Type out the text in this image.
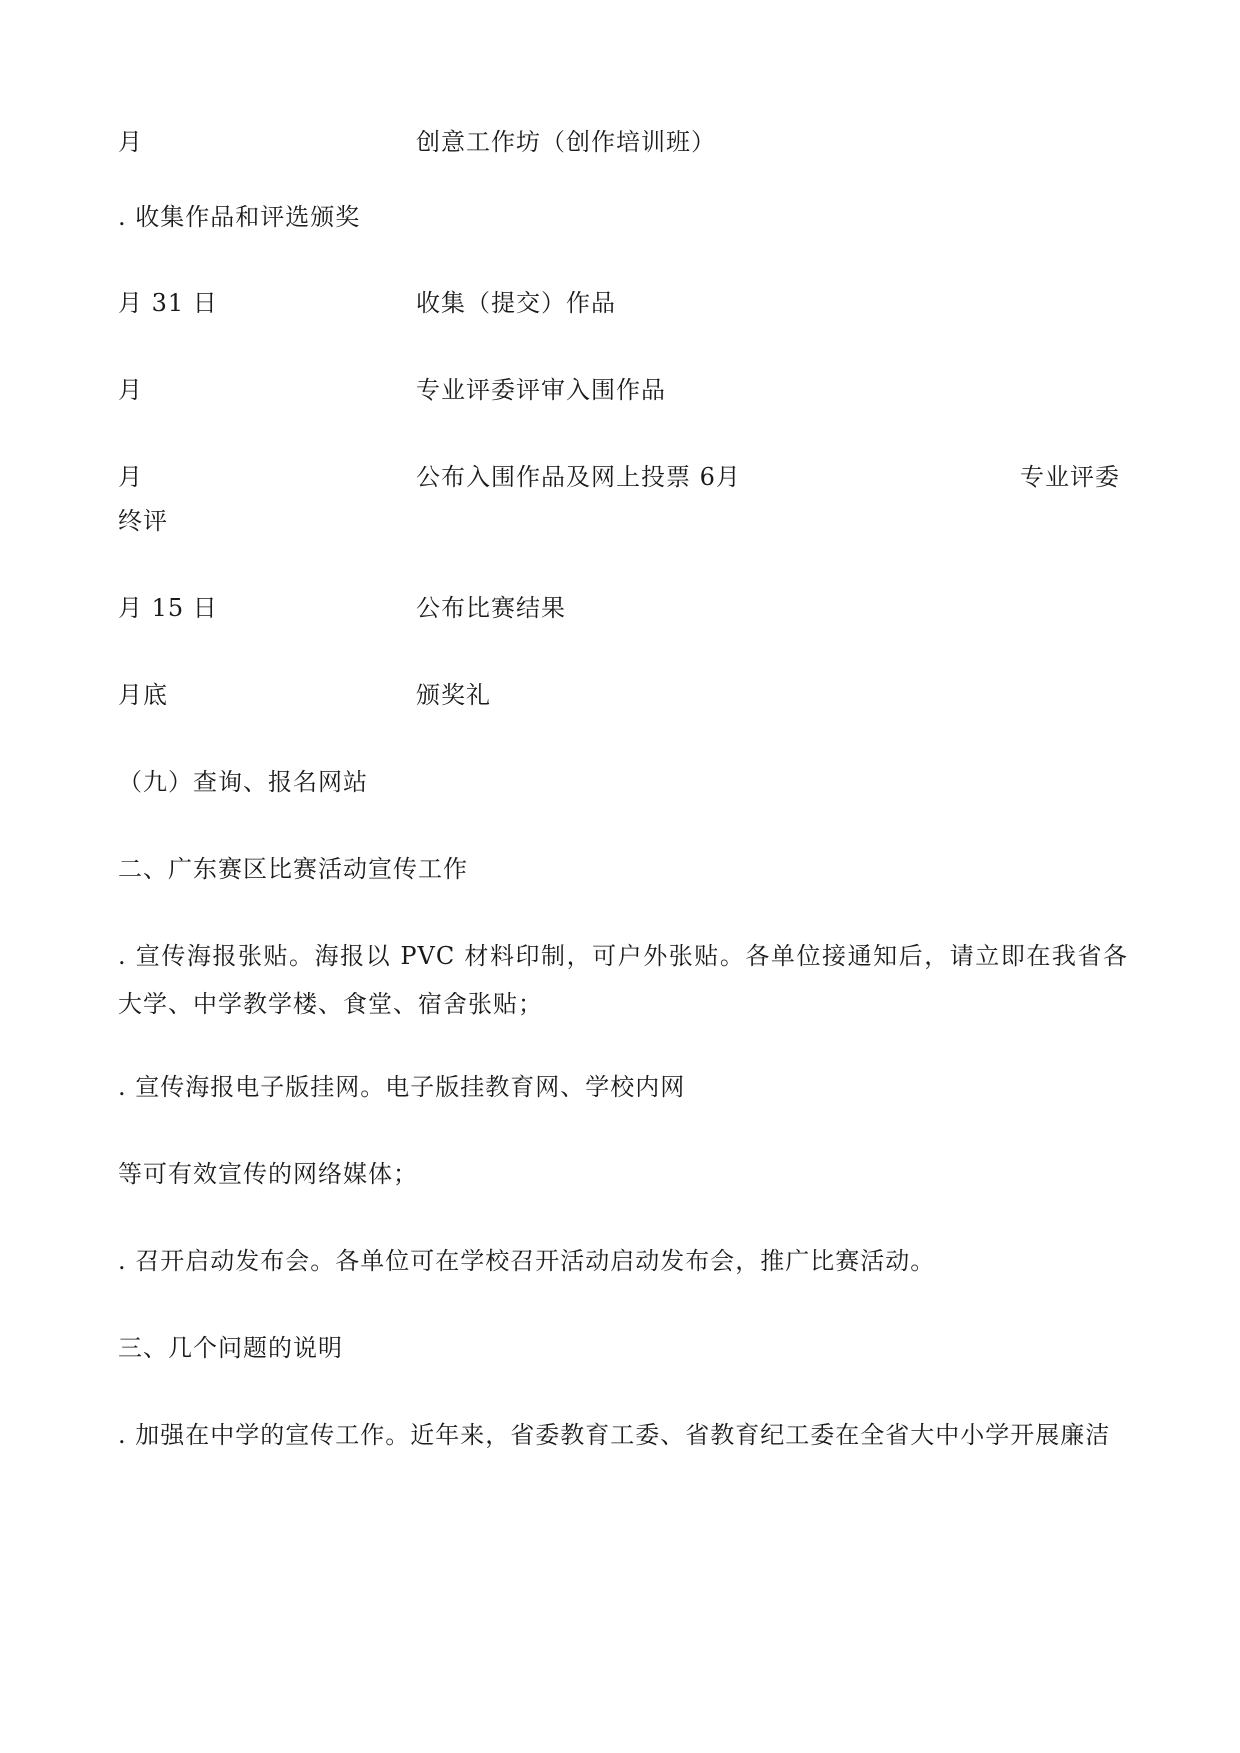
月	创意工作坊（创作培训班）
. 收集作品和评选颁奖
月 31 日	收集（提交）作品
月	专业评委评审入围作品
月	公布入围作品及网上投票 6月	专业评委
终评
月 15 日	公布比赛结果
月底	颁奖礼
（九）查询、报名网站
二、广东赛区比赛活动宣传工作
. 宣传海报张贴。海报以 PVC 材料印制，可户外张贴。各单位接通知后，请立即在我省各大学、中学教学楼、食堂、宿舍张贴；
. 宣传海报电子版挂网。电子版挂教育网、学校内网
等可有效宣传的网络媒体；
. 召开启动发布会。各单位可在学校召开活动启动发布会，推广比赛活动。
三、几个问题的说明
. 加强在中学的宣传工作。近年来，省委教育工委、省教育纪工委在全省大中小学开展廉洁
